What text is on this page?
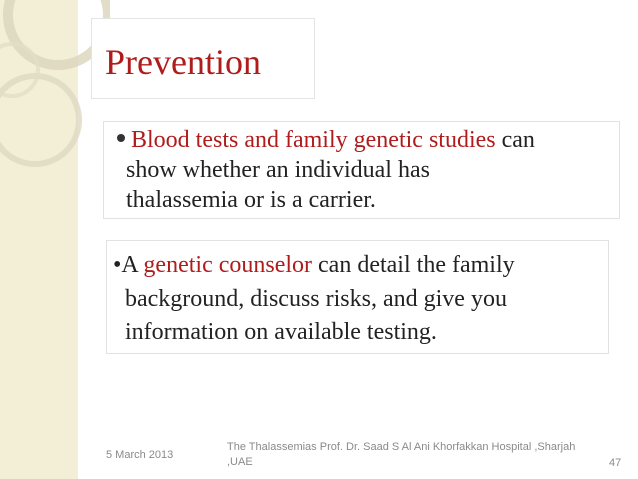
Prevention
Blood tests and family genetic studies can
show whether an individual has
thalassemia or is a carrier.
•A genetic counselor can detail the family
background, discuss risks, and give you
information on available testing.
5 March 2013
The Thalassemias Prof. Dr. Saad S Al Ani Khorfakkan Hospital ,Sharjah
,UAE	47
